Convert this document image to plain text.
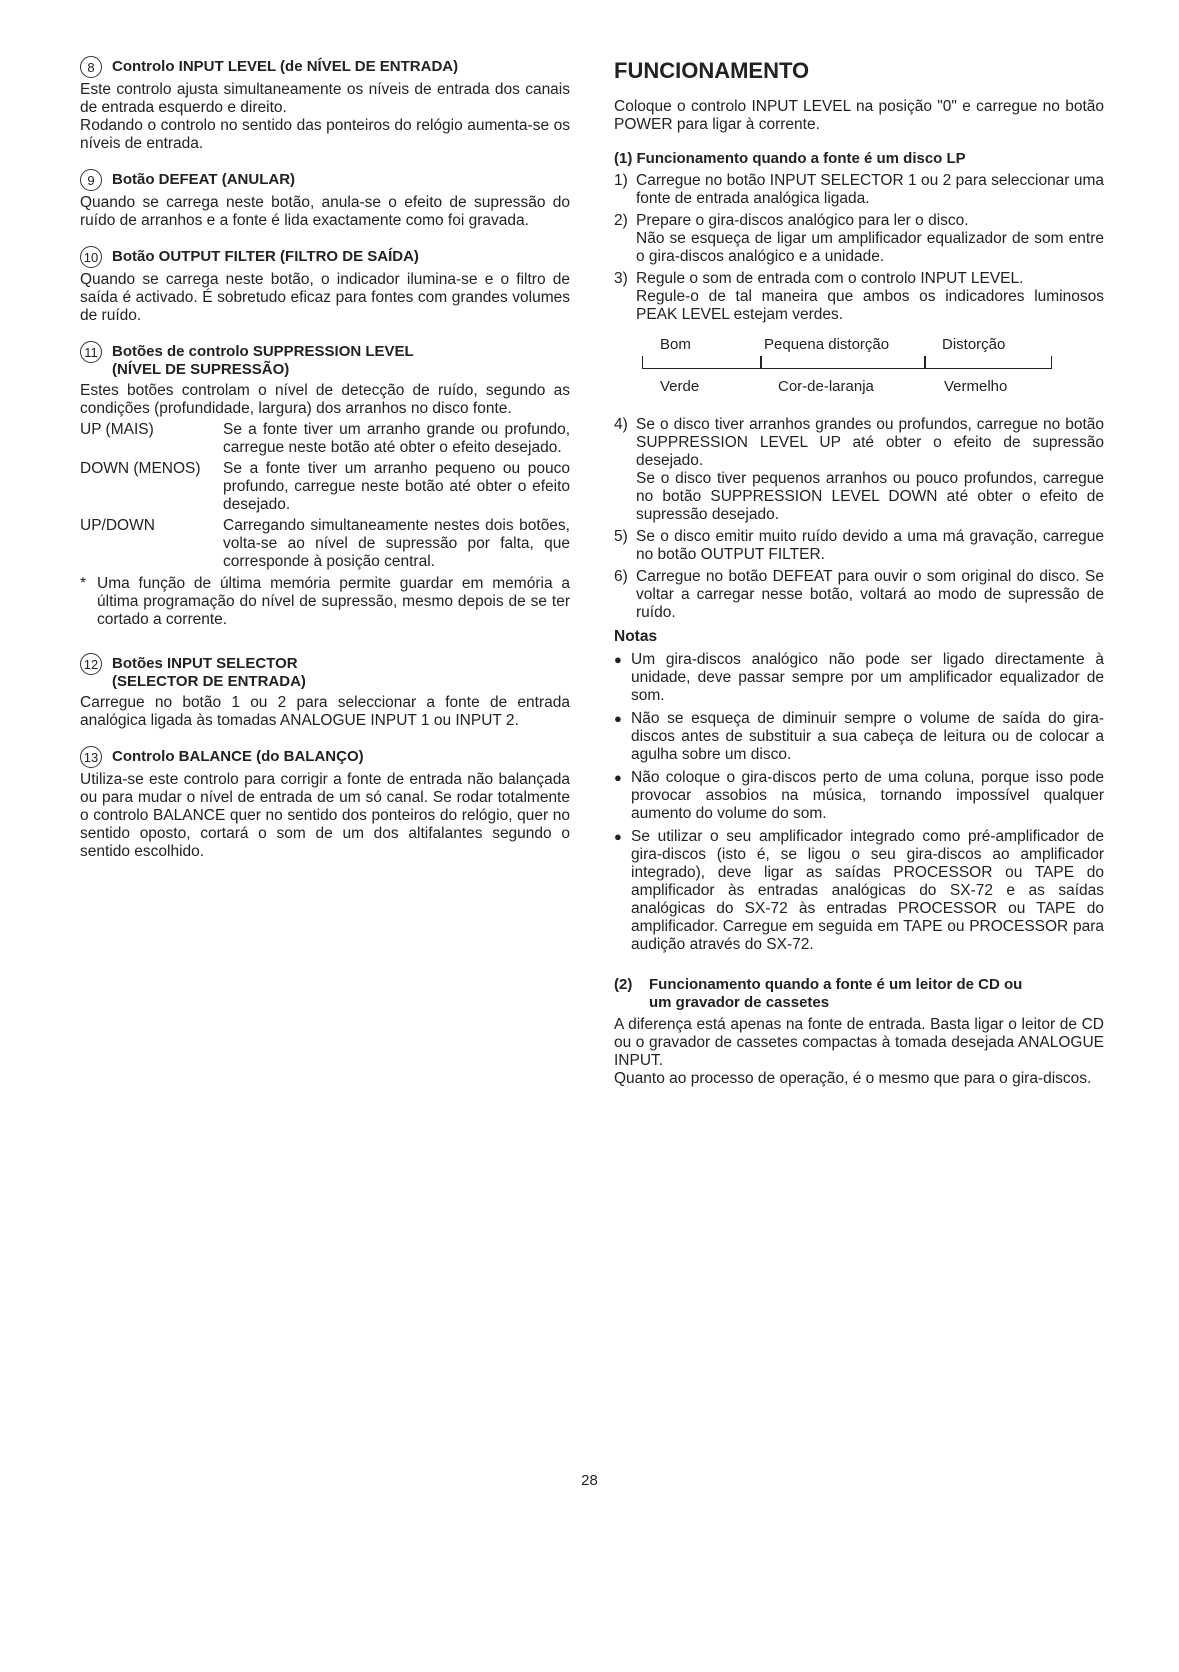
8	Controlo INPUT LEVEL (de NÍVEL DE ENTRADA)

Este controlo ajusta simultaneamente os níveis de entrada dos canais de entrada esquerdo e direito.

Rodando o controlo no sentido das ponteiros do relógio aumenta-se os níveis de entrada.

9	Botão DEFEAT (ANULAR)

Quando se carrega neste botão, anula-se o efeito de supressão do ruído de arranhos e a fonte é lida exactamente como foi gravada.

10 Botão OUTPUT FILTER (FILTRO DE SAÍDA)

Quando se carrega neste botão, o indicador ilumina-se e o filtro de saída é activado. É sobretudo eficaz para fontes com grandes volumes de ruído.

11 Botões de controlo SUPPRESSION LEVEL
(NÍVEL DE SUPRESSÃO)

Estes botões controlam o nível de detecção de ruído, segundo as condições (profundidade, largura) dos arranhos no disco fonte.

UP (MAIS)	Se a fonte tiver um arranho grande ou profundo, carregue neste botão até obter o efeito desejado.
DOWN (MENOS)	Se a fonte tiver um arranho pequeno ou pouco profundo, carregue neste botão até obter o efeito desejado.
UP/DOWN	Carregando simultaneamente nestes dois botões, volta-se ao nível de supressão por falta, que corresponde à posição central.
* Uma função de última memória permite guardar em memória a última programação do nível de supressão, mesmo depois de se ter cortado a corrente.
12 Botões INPUT SELECTOR
(SELECTOR DE ENTRADA)

Carregue no botão 1 ou 2 para seleccionar a fonte de entrada analógica ligada às tomadas ANALOGUE INPUT 1 ou INPUT 2.

13 Controlo BALANCE (do BALANÇO)

Utiliza-se este controlo para corrigir a fonte de entrada não balançada ou para mudar o nível de entrada de um só canal. Se rodar totalmente o controlo BALANCE quer no sentido dos ponteiros do relógio, quer no sentido oposto, cortará o som de um dos altifalantes segundo o sentido escolhido.

FUNCIONAMENTO

Coloque o controlo INPUT LEVEL na posição "0" e carregue no botão POWER para ligar à corrente.

(1) Funcionamento quando a fonte é um disco LP
1) Carregue no botão INPUT SELECTOR 1 ou 2 para seleccionar uma fonte de entrada analógica ligada.

2) Prepare o gira-discos analógico para ler o disco.

Não se esqueça de ligar um amplificador equalizador de som entre o gira-discos analógico e a unidade.

3) Regule o som de entrada com o controlo INPUT LEVEL.

Regule-o de tal maneira que ambos os indicadores luminosos PEAK LEVEL estejam verdes.

Bom	Pequena distorção	Distorção
Verde	Cor-de-laranja	Vermelho
4) Se o disco tiver arranhos grandes ou profundos, carregue no botão SUPPRESSION LEVEL UP até obter o efeito de supressão desejado.

Se o disco tiver pequenos arranhos ou pouco profundos, carregue no botão SUPPRESSION LEVEL DOWN até obter o efeito de supressão desejado.

5) Se o disco emitir muito ruído devido a uma má gravação, carregue no botão OUTPUT FILTER.

6) Carregue no botão DEFEAT para ouvir o som original do disco. Se voltar a carregar nesse botão, voltará ao modo de supressão de ruído.

Notas
● Um gira-discos analógico não pode ser ligado directamente à unidade, deve passar sempre por um amplificador equalizador de som.
● Não se esqueça de diminuir sempre o volume de saída do gira-discos antes de substituir a sua cabeça de leitura ou de colocar a agulha sobre um disco.
● Não coloque o gira-discos perto de uma coluna, porque isso pode provocar assobios na música, tornando impossível qualquer aumento do volume do som.
● Se utilizar o seu amplificador integrado como pré-amplificador de gira-discos (isto é, se ligou o seu gira-discos ao amplificador integrado), deve ligar as saídas PROCESSOR ou TAPE do amplificador às entradas analógicas do SX-72 e as saídas analógicas do SX-72 às entradas PROCESSOR ou TAPE do amplificador. Carregue em seguida em TAPE ou PROCESSOR para audição através do SX-72.
(2)	Funcionamento quando a fonte é um leitor de CD ou
um gravador de cassetes

A diferença está apenas na fonte de entrada. Basta ligar o leitor de CD ou o gravador de cassetes compactas à tomada desejada ANALOGUE INPUT.

Quanto ao processo de operação, é o mesmo que para o gira-discos.

28
